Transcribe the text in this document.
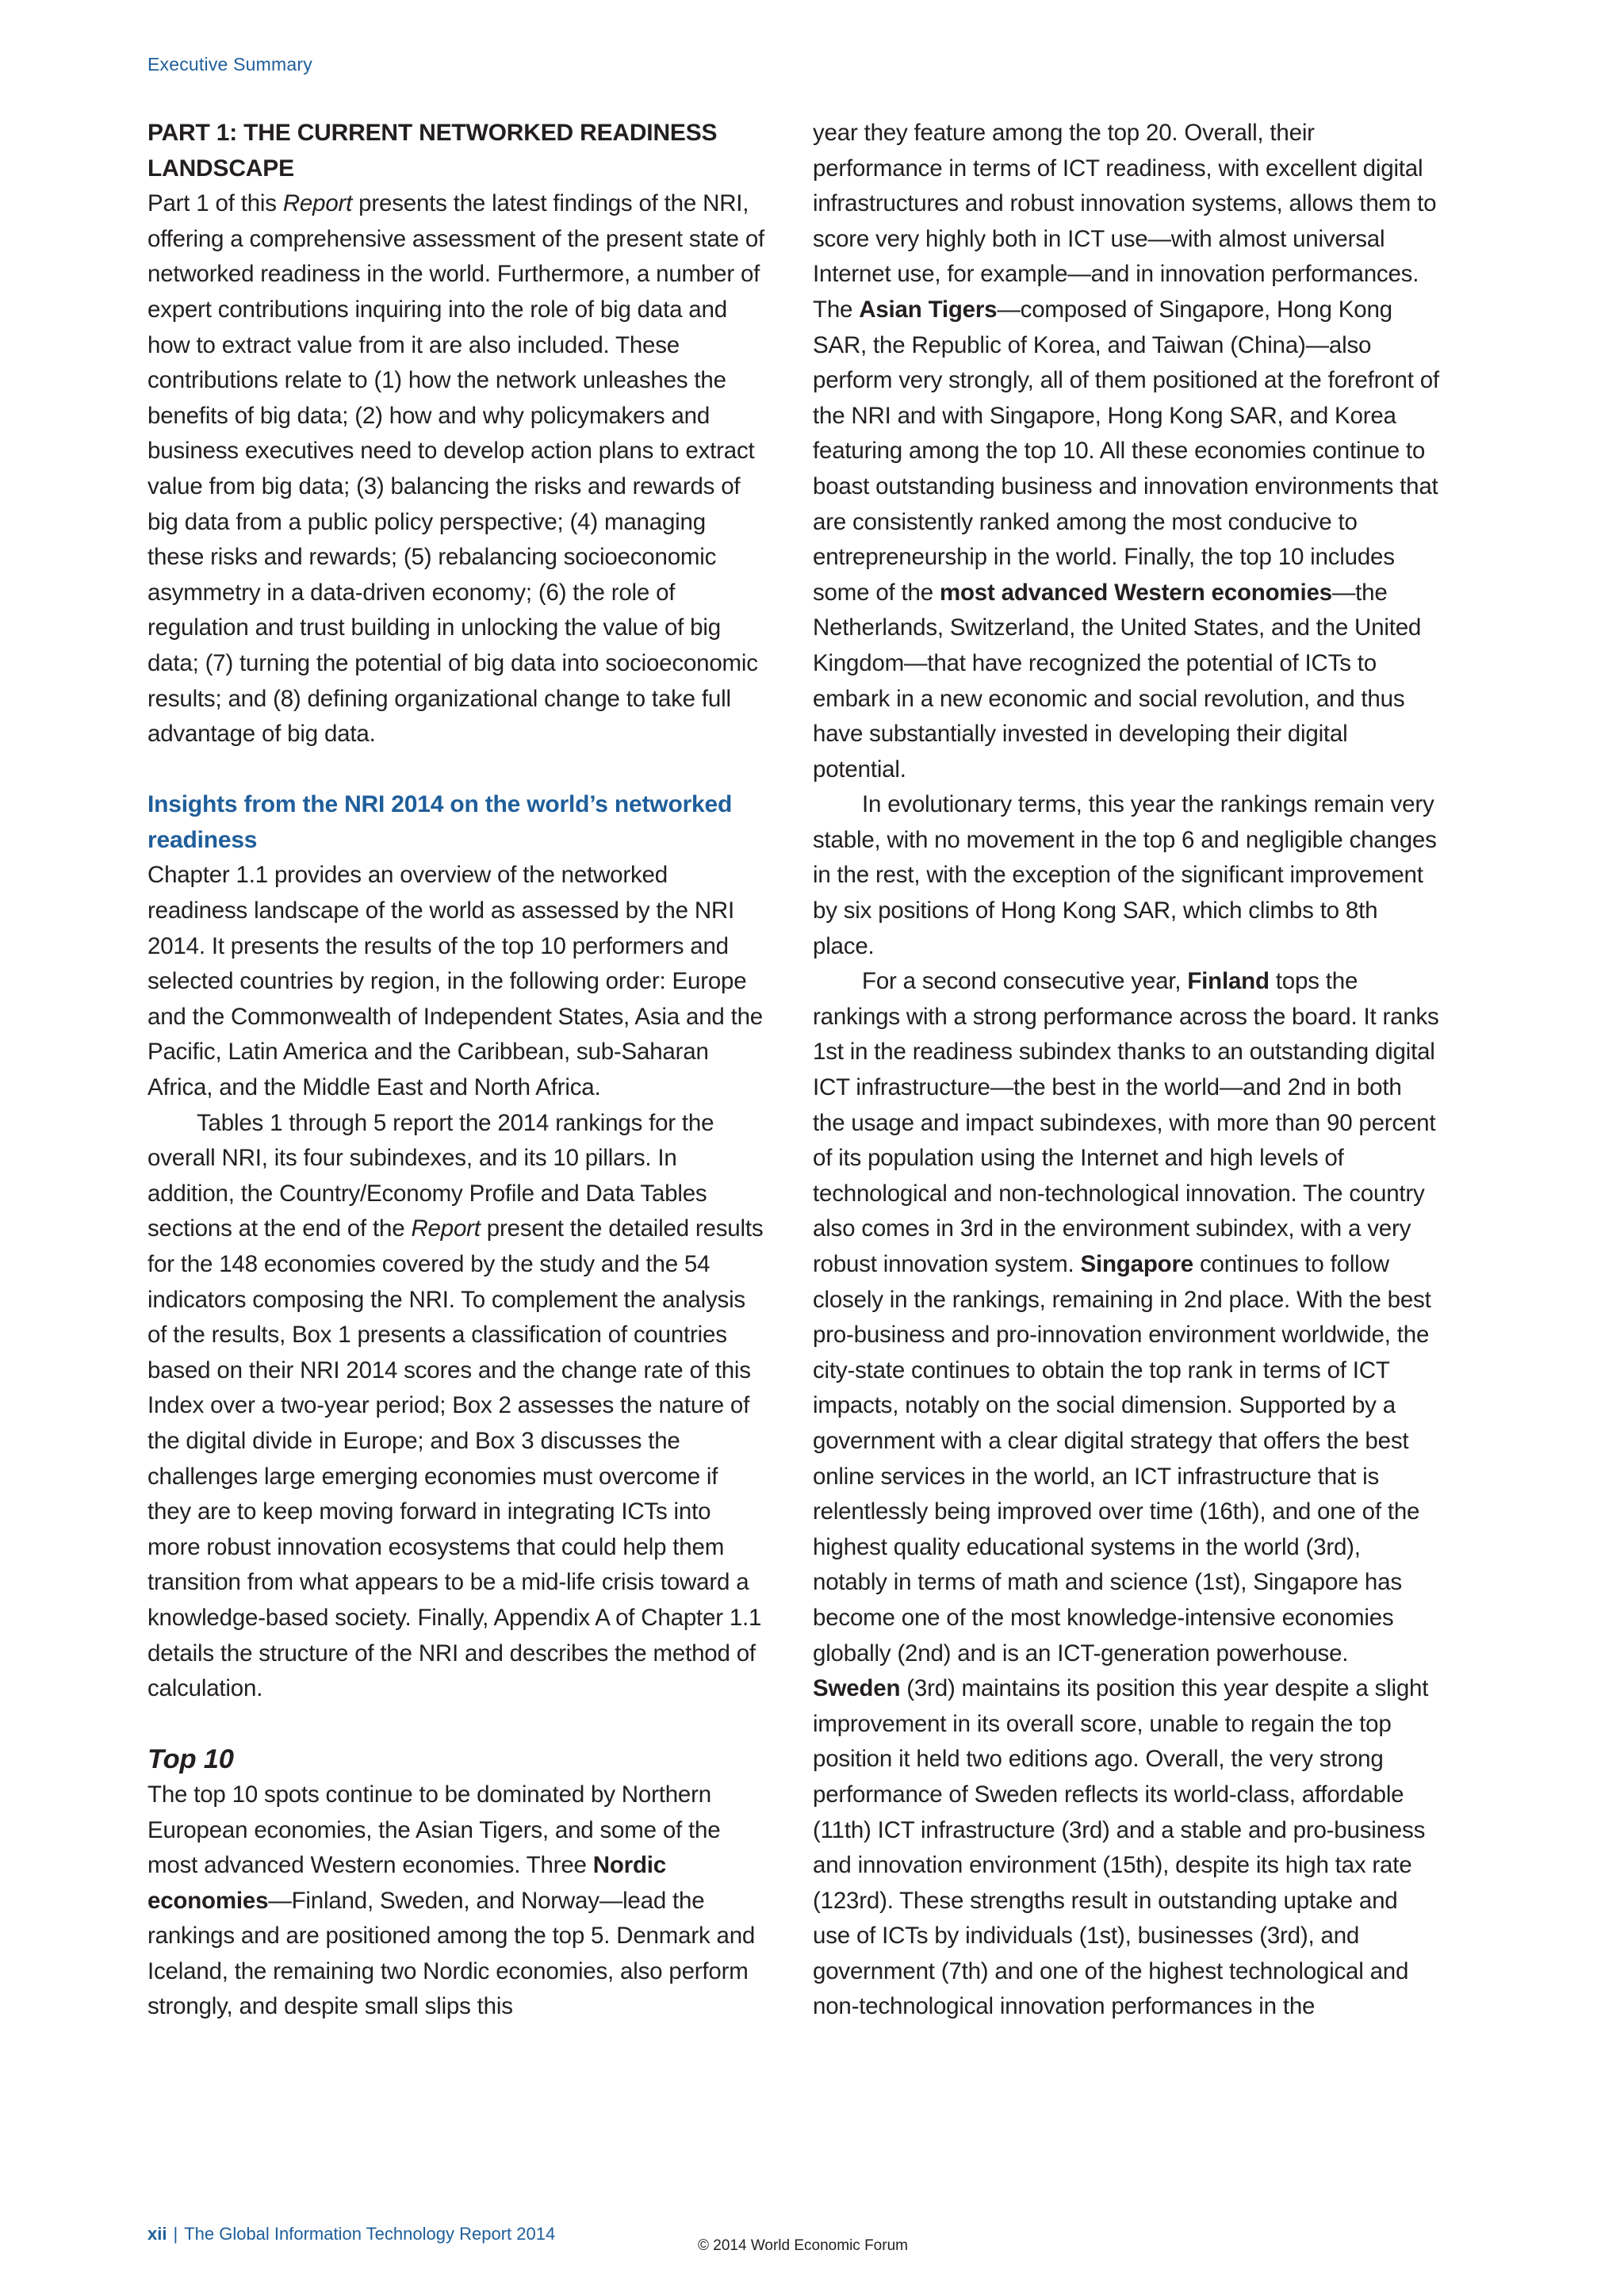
Executive Summary
PART 1: THE CURRENT NETWORKED READINESS LANDSCAPE

Part 1 of this Report presents the latest findings of the NRI, offering a comprehensive assessment of the present state of networked readiness in the world. Furthermore, a number of expert contributions inquiring into the role of big data and how to extract value from it are also included. These contributions relate to (1) how the network unleashes the benefits of big data; (2) how and why policymakers and business executives need to develop action plans to extract value from big data; (3) balancing the risks and rewards of big data from a public policy perspective; (4) managing these risks and rewards; (5) rebalancing socioeconomic asymmetry in a data-driven economy; (6) the role of regulation and trust building in unlocking the value of big data; (7) turning the potential of big data into socioeconomic results; and (8) defining organizational change to take full advantage of big data.

Insights from the NRI 2014 on the world’s networked readiness

Chapter 1.1 provides an overview of the networked readiness landscape of the world as assessed by the NRI 2014. It presents the results of the top 10 performers and selected countries by region, in the following order: Europe and the Commonwealth of Independent States, Asia and the Pacific, Latin America and the Caribbean, sub-Saharan Africa, and the Middle East and North Africa.

Tables 1 through 5 report the 2014 rankings for the overall NRI, its four subindexes, and its 10 pillars. In addition, the Country/Economy Profile and Data Tables sections at the end of the Report present the detailed results for the 148 economies covered by the study and the 54 indicators composing the NRI. To complement the analysis of the results, Box 1 presents a classification of countries based on their NRI 2014 scores and the change rate of this Index over a two-year period; Box 2 assesses the nature of the digital divide in Europe; and Box 3 discusses the challenges large emerging economies must overcome if they are to keep moving forward in integrating ICTs into more robust innovation ecosystems that could help them transition from what appears to be a mid-life crisis toward a knowledge-based society. Finally, Appendix A of Chapter 1.1 details the structure of the NRI and describes the method of calculation.

Top 10

The top 10 spots continue to be dominated by Northern European economies, the Asian Tigers, and some of the most advanced Western economies. Three Nordic economies—Finland, Sweden, and Norway—lead the rankings and are positioned among the top 5. Denmark and Iceland, the remaining two Nordic economies, also perform strongly, and despite small slips this

year they feature among the top 20. Overall, their performance in terms of ICT readiness, with excellent digital infrastructures and robust innovation systems, allows them to score very highly both in ICT use—with almost universal Internet use, for example—and in innovation performances. The Asian Tigers—composed of Singapore, Hong Kong SAR, the Republic of Korea, and Taiwan (China)—also perform very strongly, all of them positioned at the forefront of the NRI and with Singapore, Hong Kong SAR, and Korea featuring among the top 10. All these economies continue to boast outstanding business and innovation environments that are consistently ranked among the most conducive to entrepreneurship in the world. Finally, the top 10 includes some of the most advanced Western economies—the Netherlands, Switzerland, the United States, and the United Kingdom—that have recognized the potential of ICTs to embark in a new economic and social revolution, and thus have substantially invested in developing their digital potential.

In evolutionary terms, this year the rankings remain very stable, with no movement in the top 6 and negligible changes in the rest, with the exception of the significant improvement by six positions of Hong Kong SAR, which climbs to 8th place.

For a second consecutive year, Finland tops the rankings with a strong performance across the board. It ranks 1st in the readiness subindex thanks to an outstanding digital ICT infrastructure—the best in the world—and 2nd in both the usage and impact subindexes, with more than 90 percent of its population using the Internet and high levels of technological and non-technological innovation. The country also comes in 3rd in the environment subindex, with a very robust innovation system. Singapore continues to follow closely in the rankings, remaining in 2nd place. With the best pro-business and pro-innovation environment worldwide, the city-state continues to obtain the top rank in terms of ICT impacts, notably on the social dimension. Supported by a government with a clear digital strategy that offers the best online services in the world, an ICT infrastructure that is relentlessly being improved over time (16th), and one of the highest quality educational systems in the world (3rd), notably in terms of math and science (1st), Singapore has become one of the most knowledge-intensive economies globally (2nd) and is an ICT-generation powerhouse. Sweden (3rd) maintains its position this year despite a slight improvement in its overall score, unable to regain the top position it held two editions ago. Overall, the very strong performance of Sweden reflects its world-class, affordable (11th) ICT infrastructure (3rd) and a stable and pro-business and innovation environment (15th), despite its high tax rate (123rd). These strengths result in outstanding uptake and use of ICTs by individuals (1st), businesses (3rd), and government (7th) and one of the highest technological and non-technological innovation performances in the

xii | The Global Information Technology Report 2014
© 2014 World Economic Forum
